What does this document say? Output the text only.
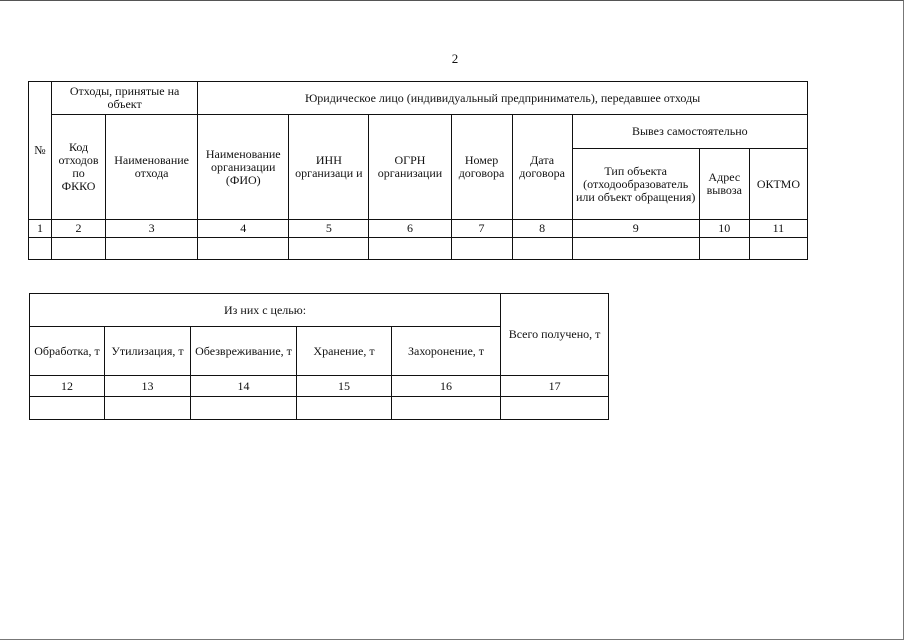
2
№	Отходы, принятые на объект		Юридическое лицо (индивидуальный предприниматель), передавшее отходы							
	Код отходов по ФККО	Наименование отхода	Наименование организации (ФИО)	ИНН организаци и	ОГРН организации	Номер договора	Дата договора	Вывез самостоятельно		
								Тип объекта (отходообразователь или объект обращения)	Адрес вывоза	ОКТМО
1	2	3	4	5	6	7	8	9	10	11

Из них с целью:					Всего получено, т
Обработка, т	Утилизация, т	Обезвреживание, т	Хранение, т	Захоронение, т	
12	13	14	15	16	17
